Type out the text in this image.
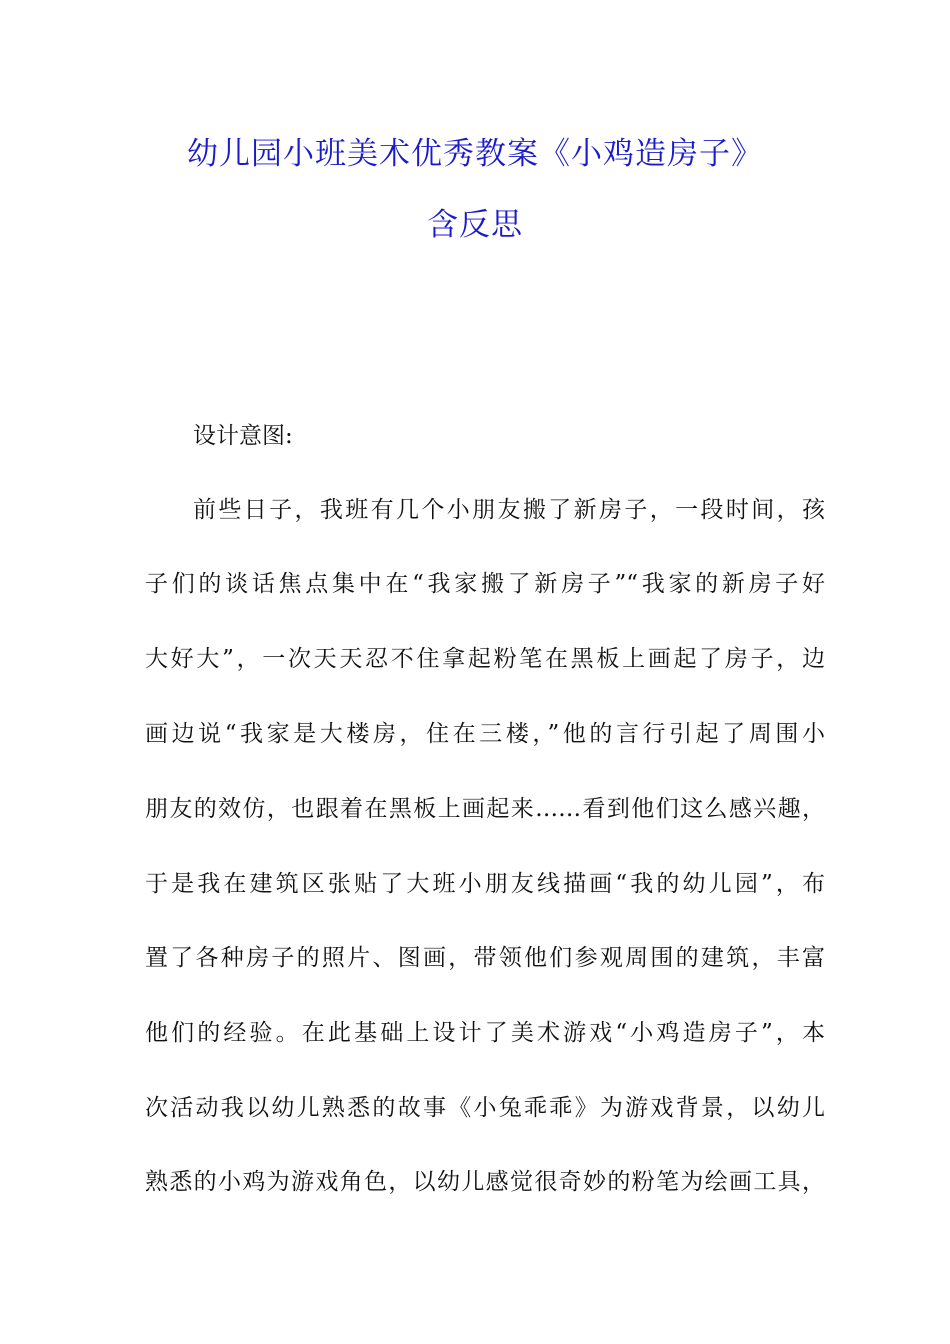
幼儿园小班美术优秀教案《小鸡造房子》
含反思
设计意图:
前些日子，我班有几个小朋友搬了新房子，一段时间，孩
子们的谈话焦点集中在“我家搬了新房子”“我家的新房子好
大好大”，一次天天忍不住拿起粉笔在黑板上画起了房子，边
画边说“我家是大楼房，住在三楼，”他的言行引起了周围小
朋友的效仿，也跟着在黑板上画起来……看到他们这么感兴趣，
于是我在建筑区张贴了大班小朋友线描画“我的幼儿园”，布
置了各种房子的照片、图画，带领他们参观周围的建筑，丰富
他们的经验。在此基础上设计了美术游戏“小鸡造房子”，本
次活动我以幼儿熟悉的故事《小兔乖乖》为游戏背景，以幼儿
熟悉的小鸡为游戏角色，以幼儿感觉很奇妙的粉笔为绘画工具，
